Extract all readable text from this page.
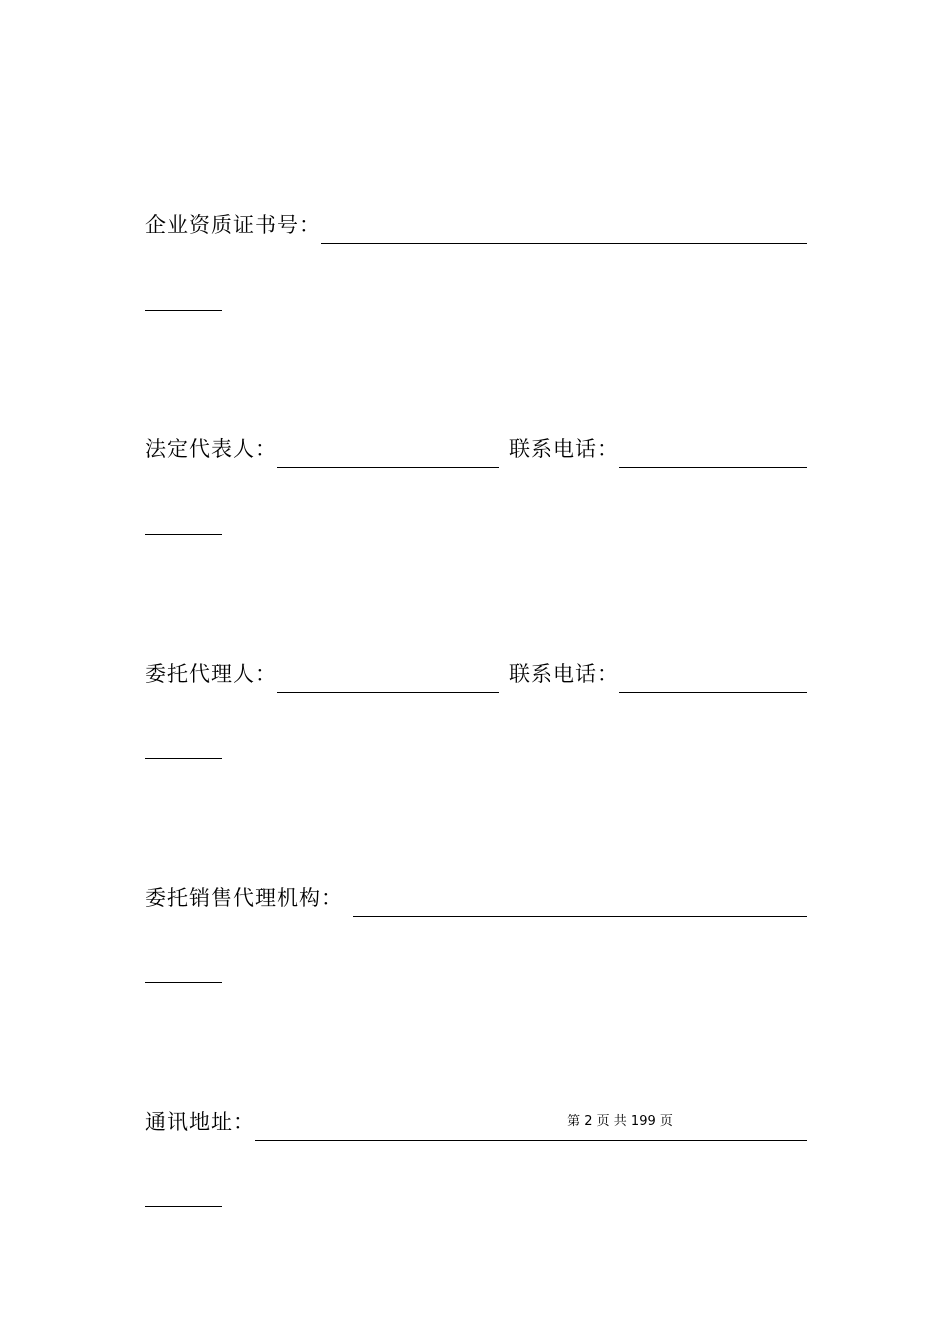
企业资质证书号：
法定代表人：	联系电话：
委托代理人：	联系电话：
委托销售代理机构：
通讯地址：	第 2 页 共 199 页
